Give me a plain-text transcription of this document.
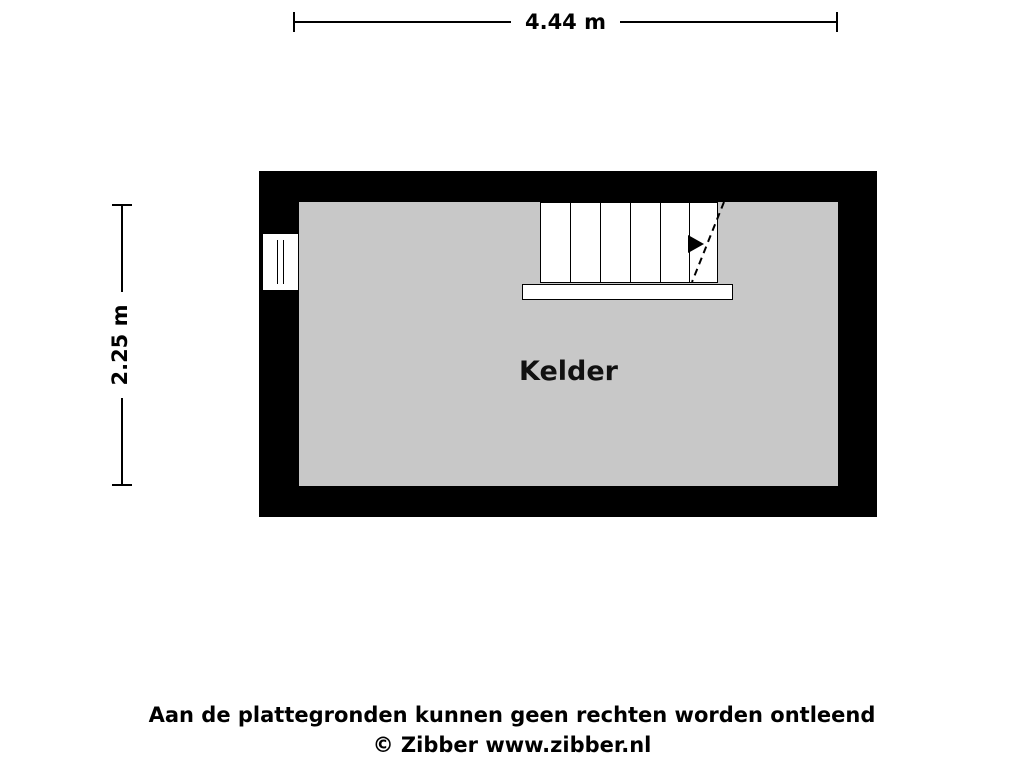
4.44 m
2.25 m	Kelder
Aan de plattegronden kunnen geen rechten worden ontleend
© Zibber www.zibber.nl
